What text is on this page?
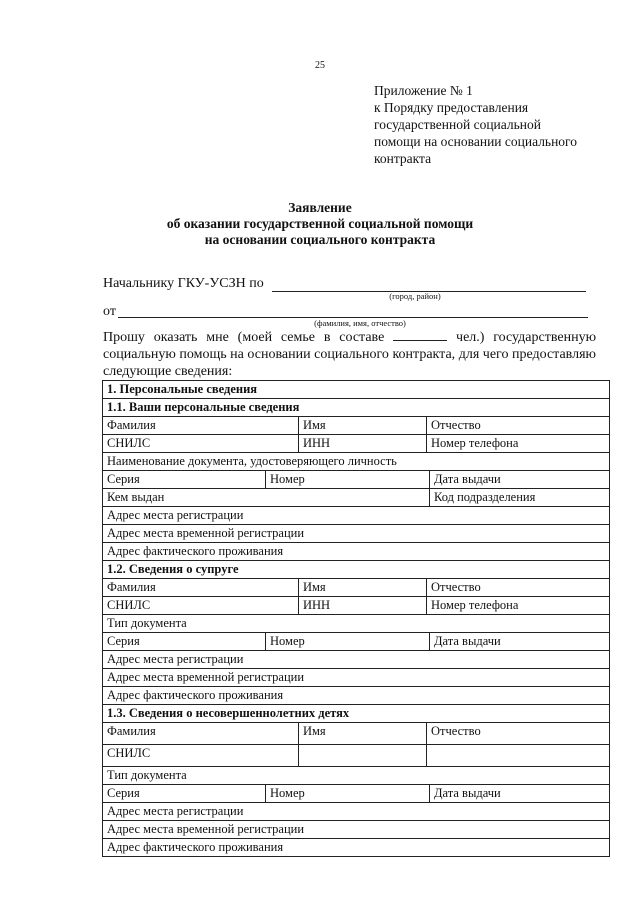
25
Приложение № 1
к Порядку предоставления
государственной социальной
помощи на основании социального
контракта
Заявление
об оказании государственной социальной помощи
на основании социального контракта
Начальнику ГКУ-УСЗН по
(город, район)
от
(фамилия, имя, отчество)
Прошу оказать мне (моей семье в составе	чел.) государственную социальную помощь на основании социального контракта, для чего предоставляю следующие сведения:
1. Персональные сведения
1.1. Ваши персональные сведения
Фамилия	Имя	Отчество
СНИЛС	ИНН	Номер телефона
Наименование документа, удостоверяющего личность
Серия	Номер	Дата выдачи
Кем выдан	Код подразделения
Адрес места регистрации
Адрес места временной регистрации
Адрес фактического проживания
1.2. Сведения о супруге
Фамилия	Имя	Отчество
СНИЛС	ИНН	Номер телефона
Тип документа
Серия	Номер	Дата выдачи
Адрес места регистрации
Адрес места временной регистрации
Адрес фактического проживания
1.3. Сведения о несовершеннолетних детях
Фамилия	Имя	Отчество
СНИЛС
Тип документа
Серия	Номер	Дата выдачи
Адрес места регистрации
Адрес места временной регистрации
Адрес фактического проживания
